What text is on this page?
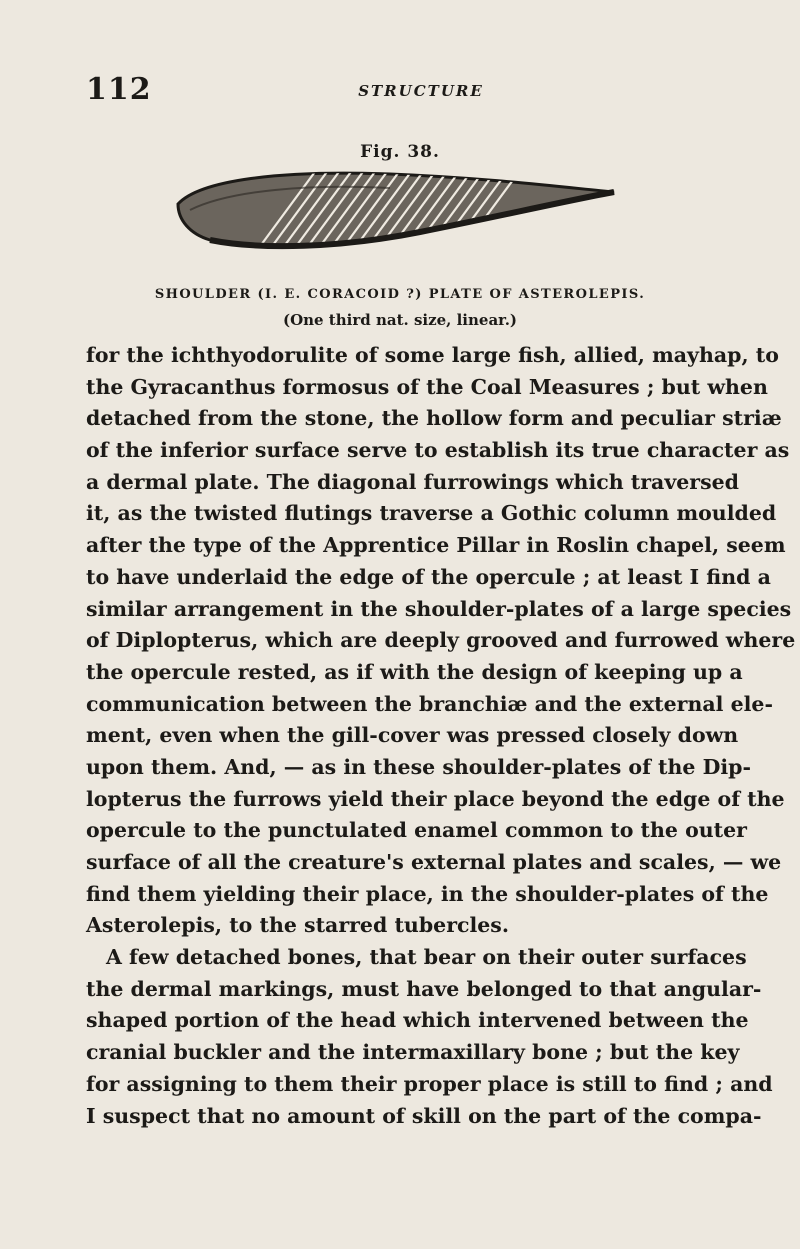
112	STRUCTURE
Fig. 38.
SHOULDER (I. E. CORACOID ?) PLATE OF ASTEROLEPIS.
(One third nat. size, linear.)
for the ichthyodorulite of some large fish, allied, mayhap, to
the Gyracanthus formosus of the Coal Measures ; but when
detached from the stone, the hollow form and peculiar striæ
of the inferior surface serve to establish its true character as
a dermal plate. The diagonal furrowings which traversed
it, as the twisted flutings traverse a Gothic column moulded
after the type of the Apprentice Pillar in Roslin chapel, seem
to have underlaid the edge of the opercule ; at least I find a
similar arrangement in the shoulder-plates of a large species
of Diplopterus, which are deeply grooved and furrowed where
the opercule rested, as if with the design of keeping up a
communication between the branchiæ and the external ele-
ment, even when the gill-cover was pressed closely down
upon them. And, — as in these shoulder-plates of the Dip-
lopterus the furrows yield their place beyond the edge of the
opercule to the punctulated enamel common to the outer
surface of all the creature's external plates and scales, — we
find them yielding their place, in the shoulder-plates of the
Asterolepis, to the starred tubercles.
A few detached bones, that bear on their outer surfaces
the dermal markings, must have belonged to that angular-
shaped portion of the head which intervened between the
cranial buckler and the intermaxillary bone ; but the key
for assigning to them their proper place is still to find ; and
I suspect that no amount of skill on the part of the compa-
